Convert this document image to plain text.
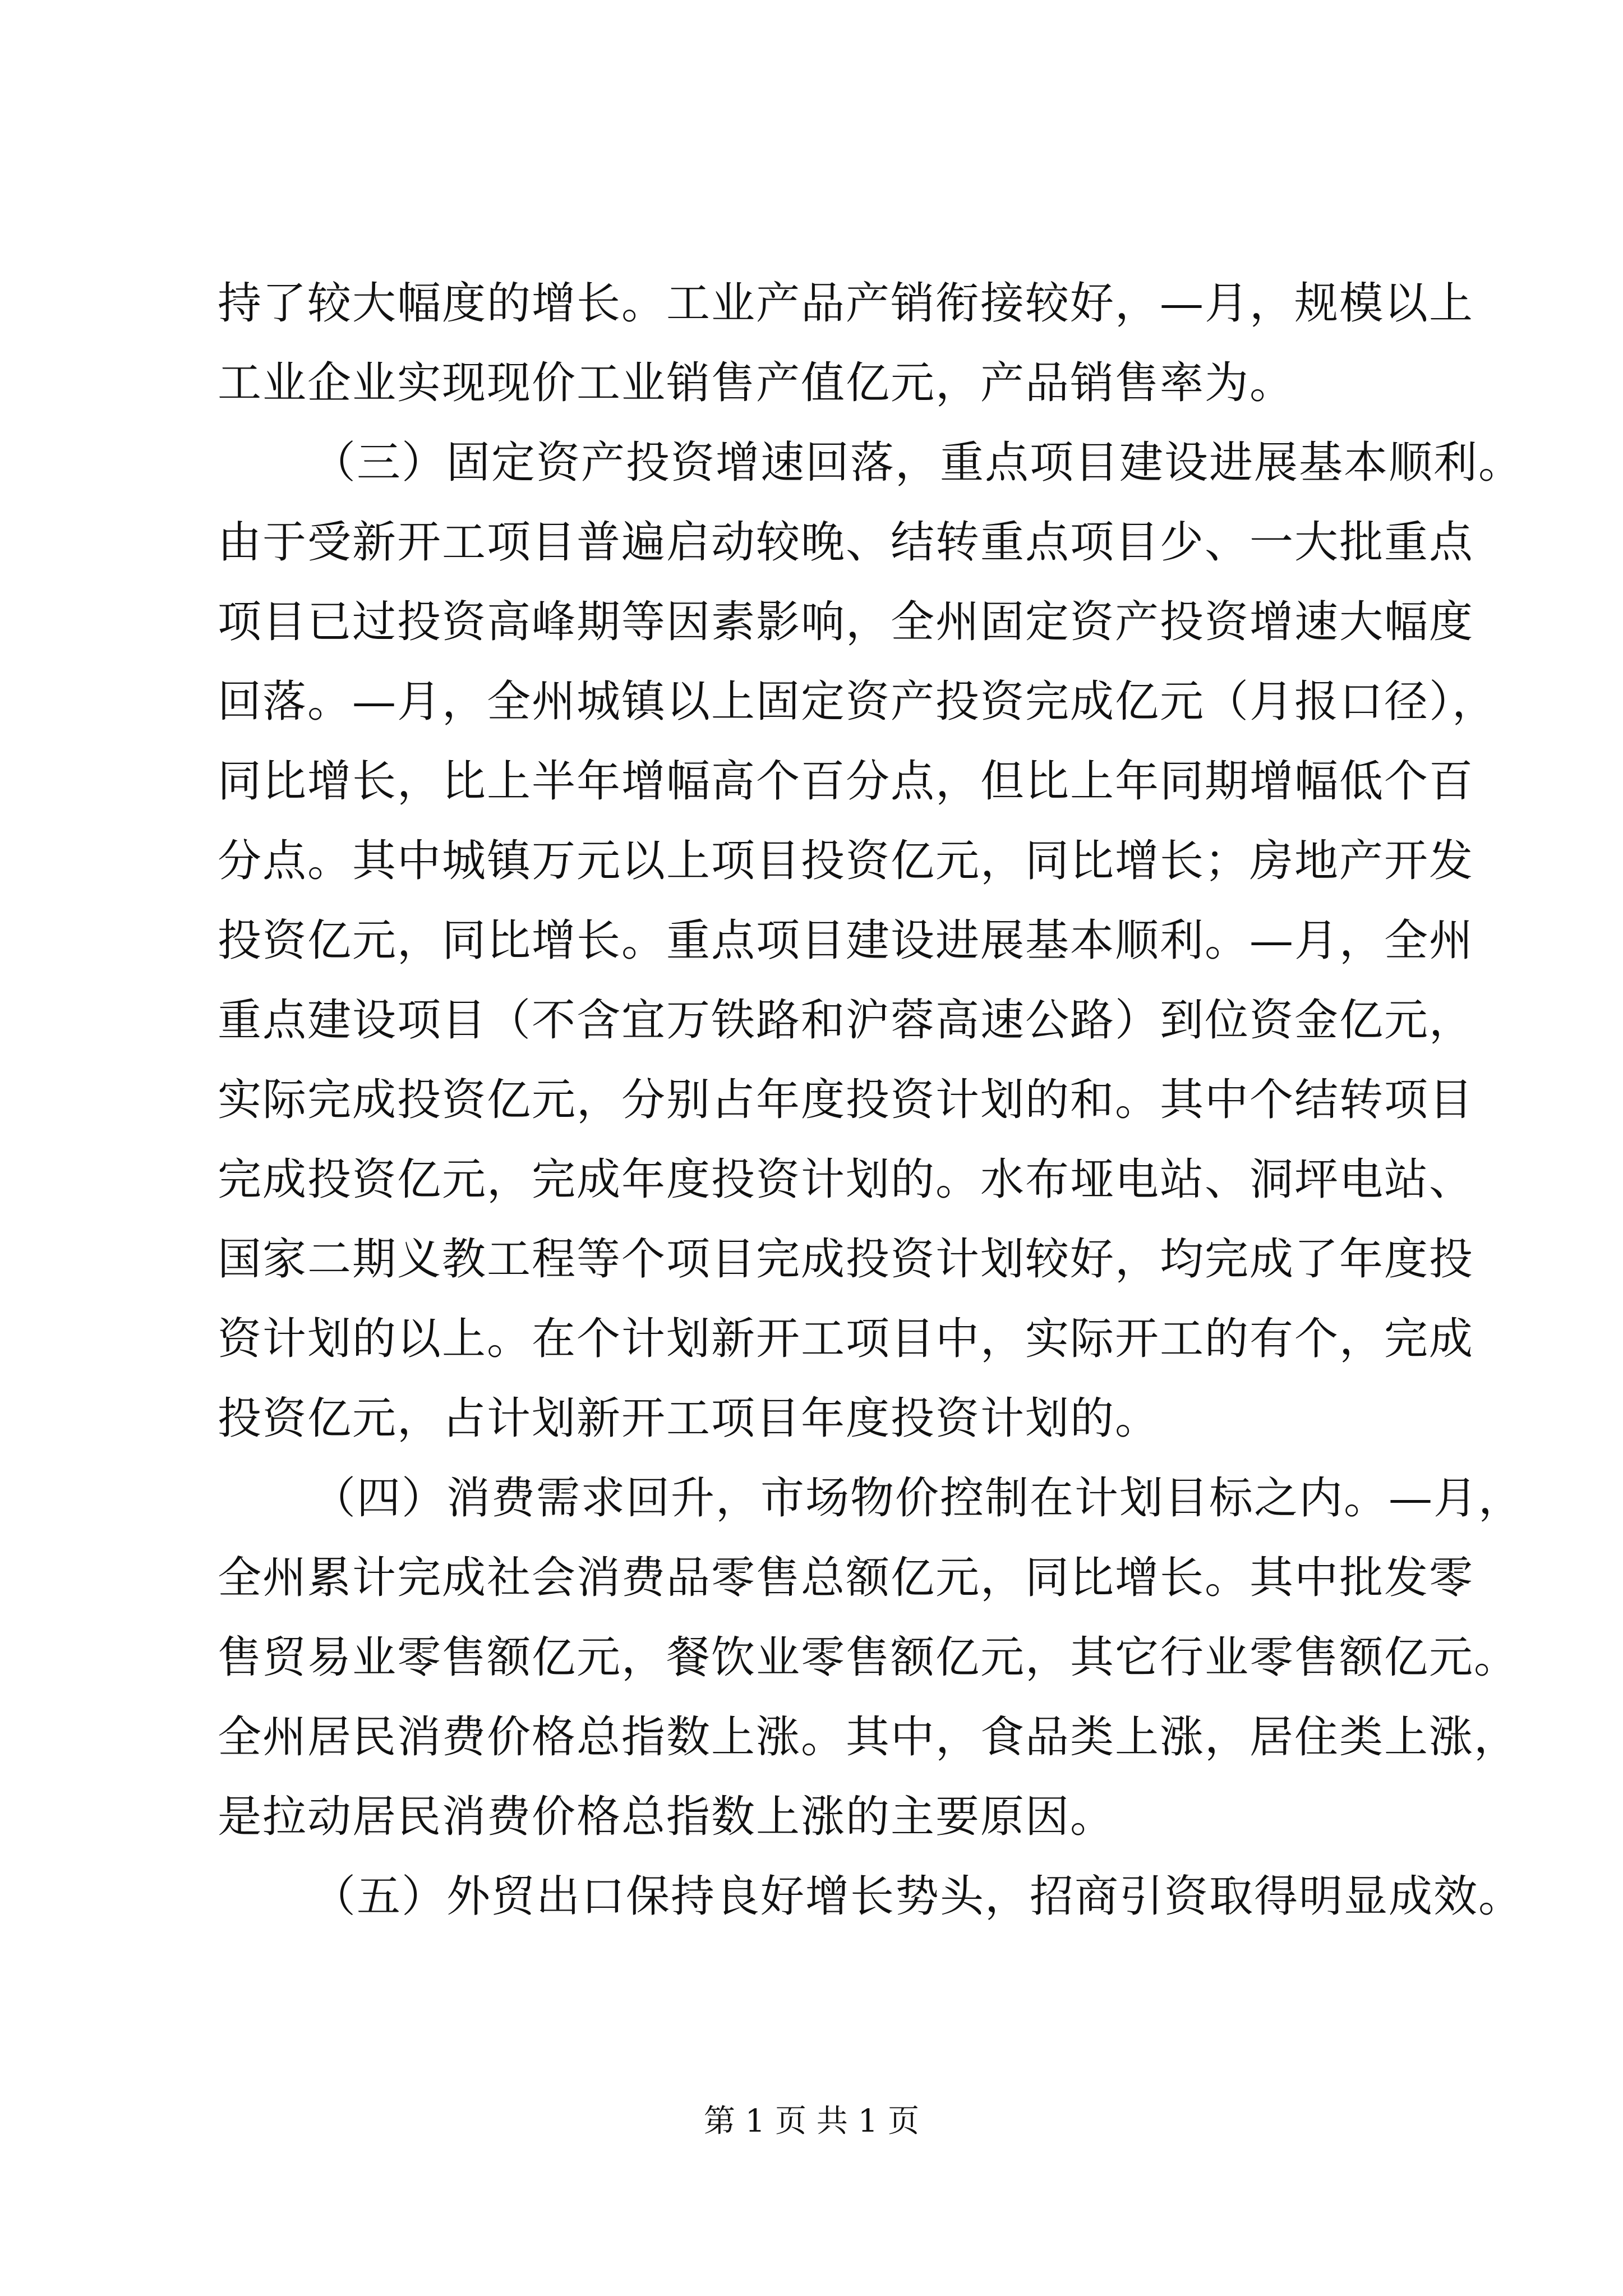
持了较大幅度的增长。工业产品产销衔接较好，—月，规模以上
工业企业实现现价工业销售产值亿元，产品销售率为。
（三）固定资产投资增速回落，重点项目建设进展基本顺利。
由于受新开工项目普遍启动较晚、结转重点项目少、一大批重点
项目已过投资高峰期等因素影响，全州固定资产投资增速大幅度
回落。—月，全州城镇以上固定资产投资完成亿元（月报口径），
同比增长，比上半年增幅高个百分点，但比上年同期增幅低个百
分点。其中城镇万元以上项目投资亿元，同比增长；房地产开发
投资亿元，同比增长。重点项目建设进展基本顺利。—月，全州
重点建设项目（不含宜万铁路和沪蓉高速公路）到位资金亿元，
实际完成投资亿元，分别占年度投资计划的和。其中个结转项目
完成投资亿元，完成年度投资计划的。水布垭电站、洞坪电站、
国家二期义教工程等个项目完成投资计划较好，均完成了年度投
资计划的以上。在个计划新开工项目中，实际开工的有个，完成
投资亿元，占计划新开工项目年度投资计划的。
（四）消费需求回升，市场物价控制在计划目标之内。—月，
全州累计完成社会消费品零售总额亿元，同比增长。其中批发零
售贸易业零售额亿元，餐饮业零售额亿元，其它行业零售额亿元。
全州居民消费价格总指数上涨。其中，食品类上涨，居住类上涨，
是拉动居民消费价格总指数上涨的主要原因。
（五）外贸出口保持良好增长势头，招商引资取得明显成效。
第 1 页 共 1 页
